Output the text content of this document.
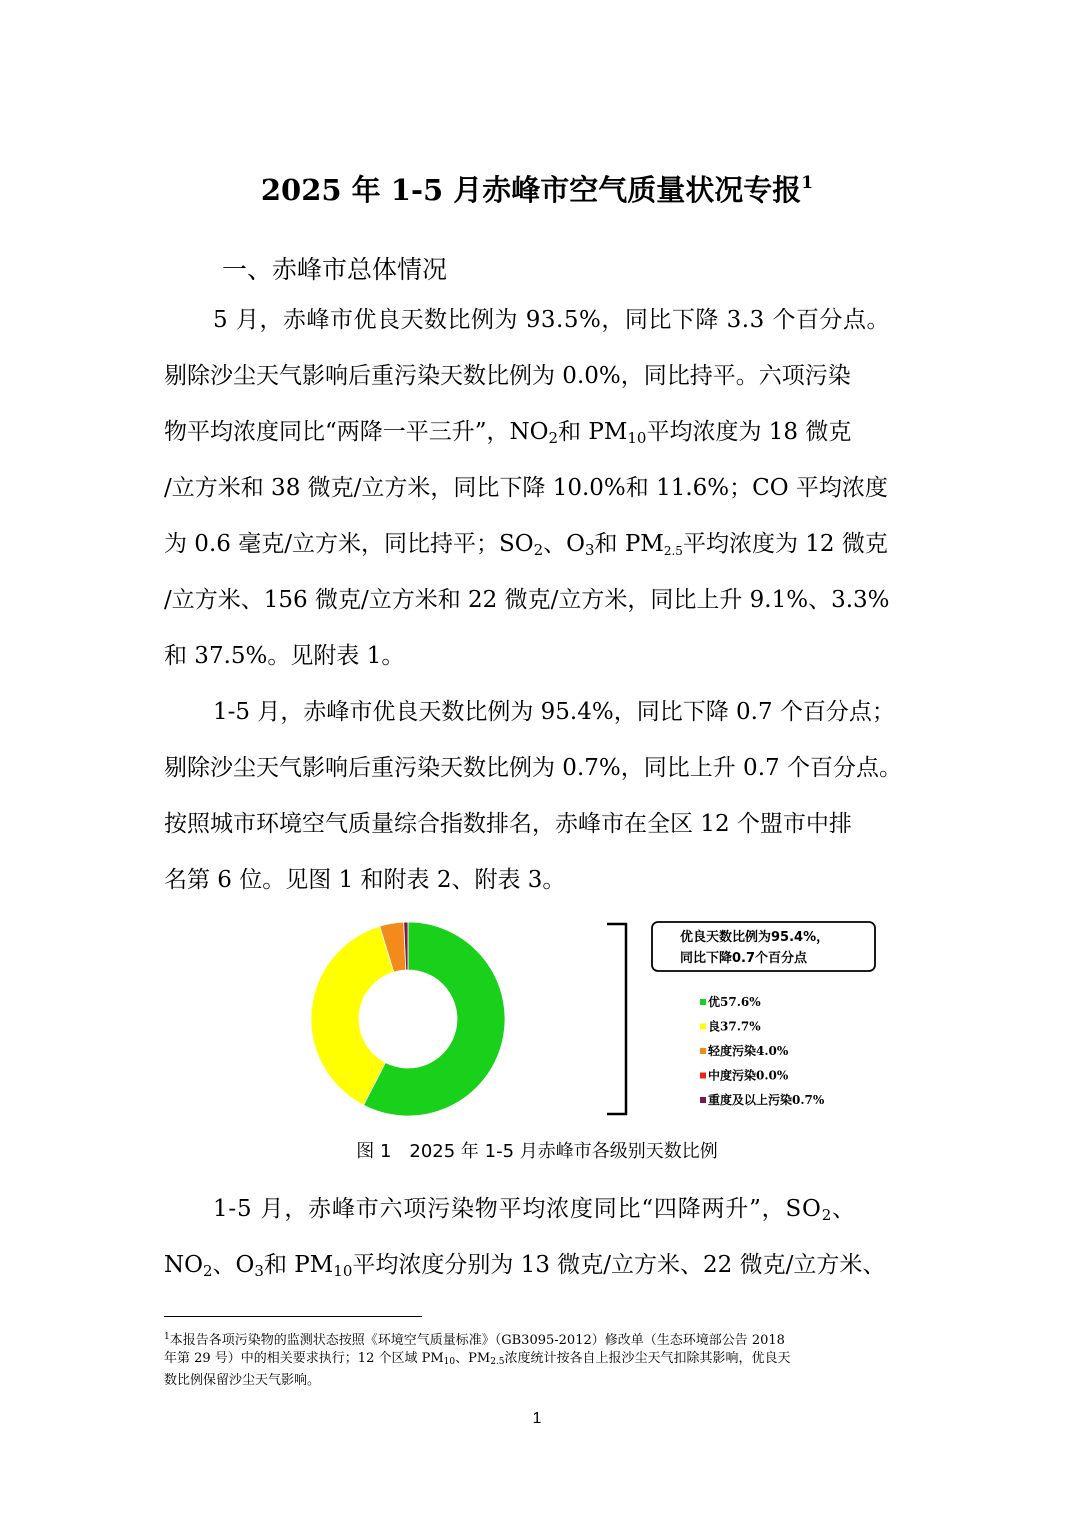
2025 年 1-5 月赤峰市空气质量状况专报$^1$
一、赤峰市总体情况
5 月，赤峰市优良天数比例为 93.5%，同比下降 3.3 个百分点。
剔除沙尘天气影响后重污染天数比例为 0.0%，同比持平。六项污染
物平均浓度同比“两降一平三升”，$NO_2$和 $PM_{10}$平均浓度为 18 微克
/立方米和 38 微克/立方米，同比下降 10.0%和 11.6%；CO 平均浓度
为 0.6 毫克/立方米，同比持平；$SO_2$、$O_3$和 PM2.5平均浓度为 12 微克
/立方米、156 微克/立方米和 22 微克/立方米，同比上升 9.1%、3.3%
和 37.5%。见附表 1。
1-5 月，赤峰市优良天数比例为 95.4%，同比下降 0.7 个百分点；
剔除沙尘天气影响后重污染天数比例为 0.7%，同比上升 0.7 个百分点。
按照城市环境空气质量综合指数排名，赤峰市在全区 12 个盟市中排
名第 6 位。见图 1 和附表 2、附表 3。
优良天数比例为95.4%，
同比下降0.7个百分点
优57.6%
良37.7%
轻度污染4.0%
中度污染0.0%
重度及以上污染0.7%
图 1　2025 年 1-5 月赤峰市各级别天数比例
1-5 月，赤峰市六项污染物平均浓度同比“四降两升”，$SO_2$、
$NO_2$、$O_3$和 $PM_{10}$平均浓度分别为 13 微克/立方米、22 微克/立方米、
$^1$本报告各项污染物的监测状态按照《环境空气质量标准》（GB3095-2012）修改单（生态环境部公告 2018
年第 29 号）中的相关要求执行；12 个区域 PM10、PM2.5浓度统计按各自上报沙尘天气扣除其影响，优良天
数比例保留沙尘天气影响。
1
